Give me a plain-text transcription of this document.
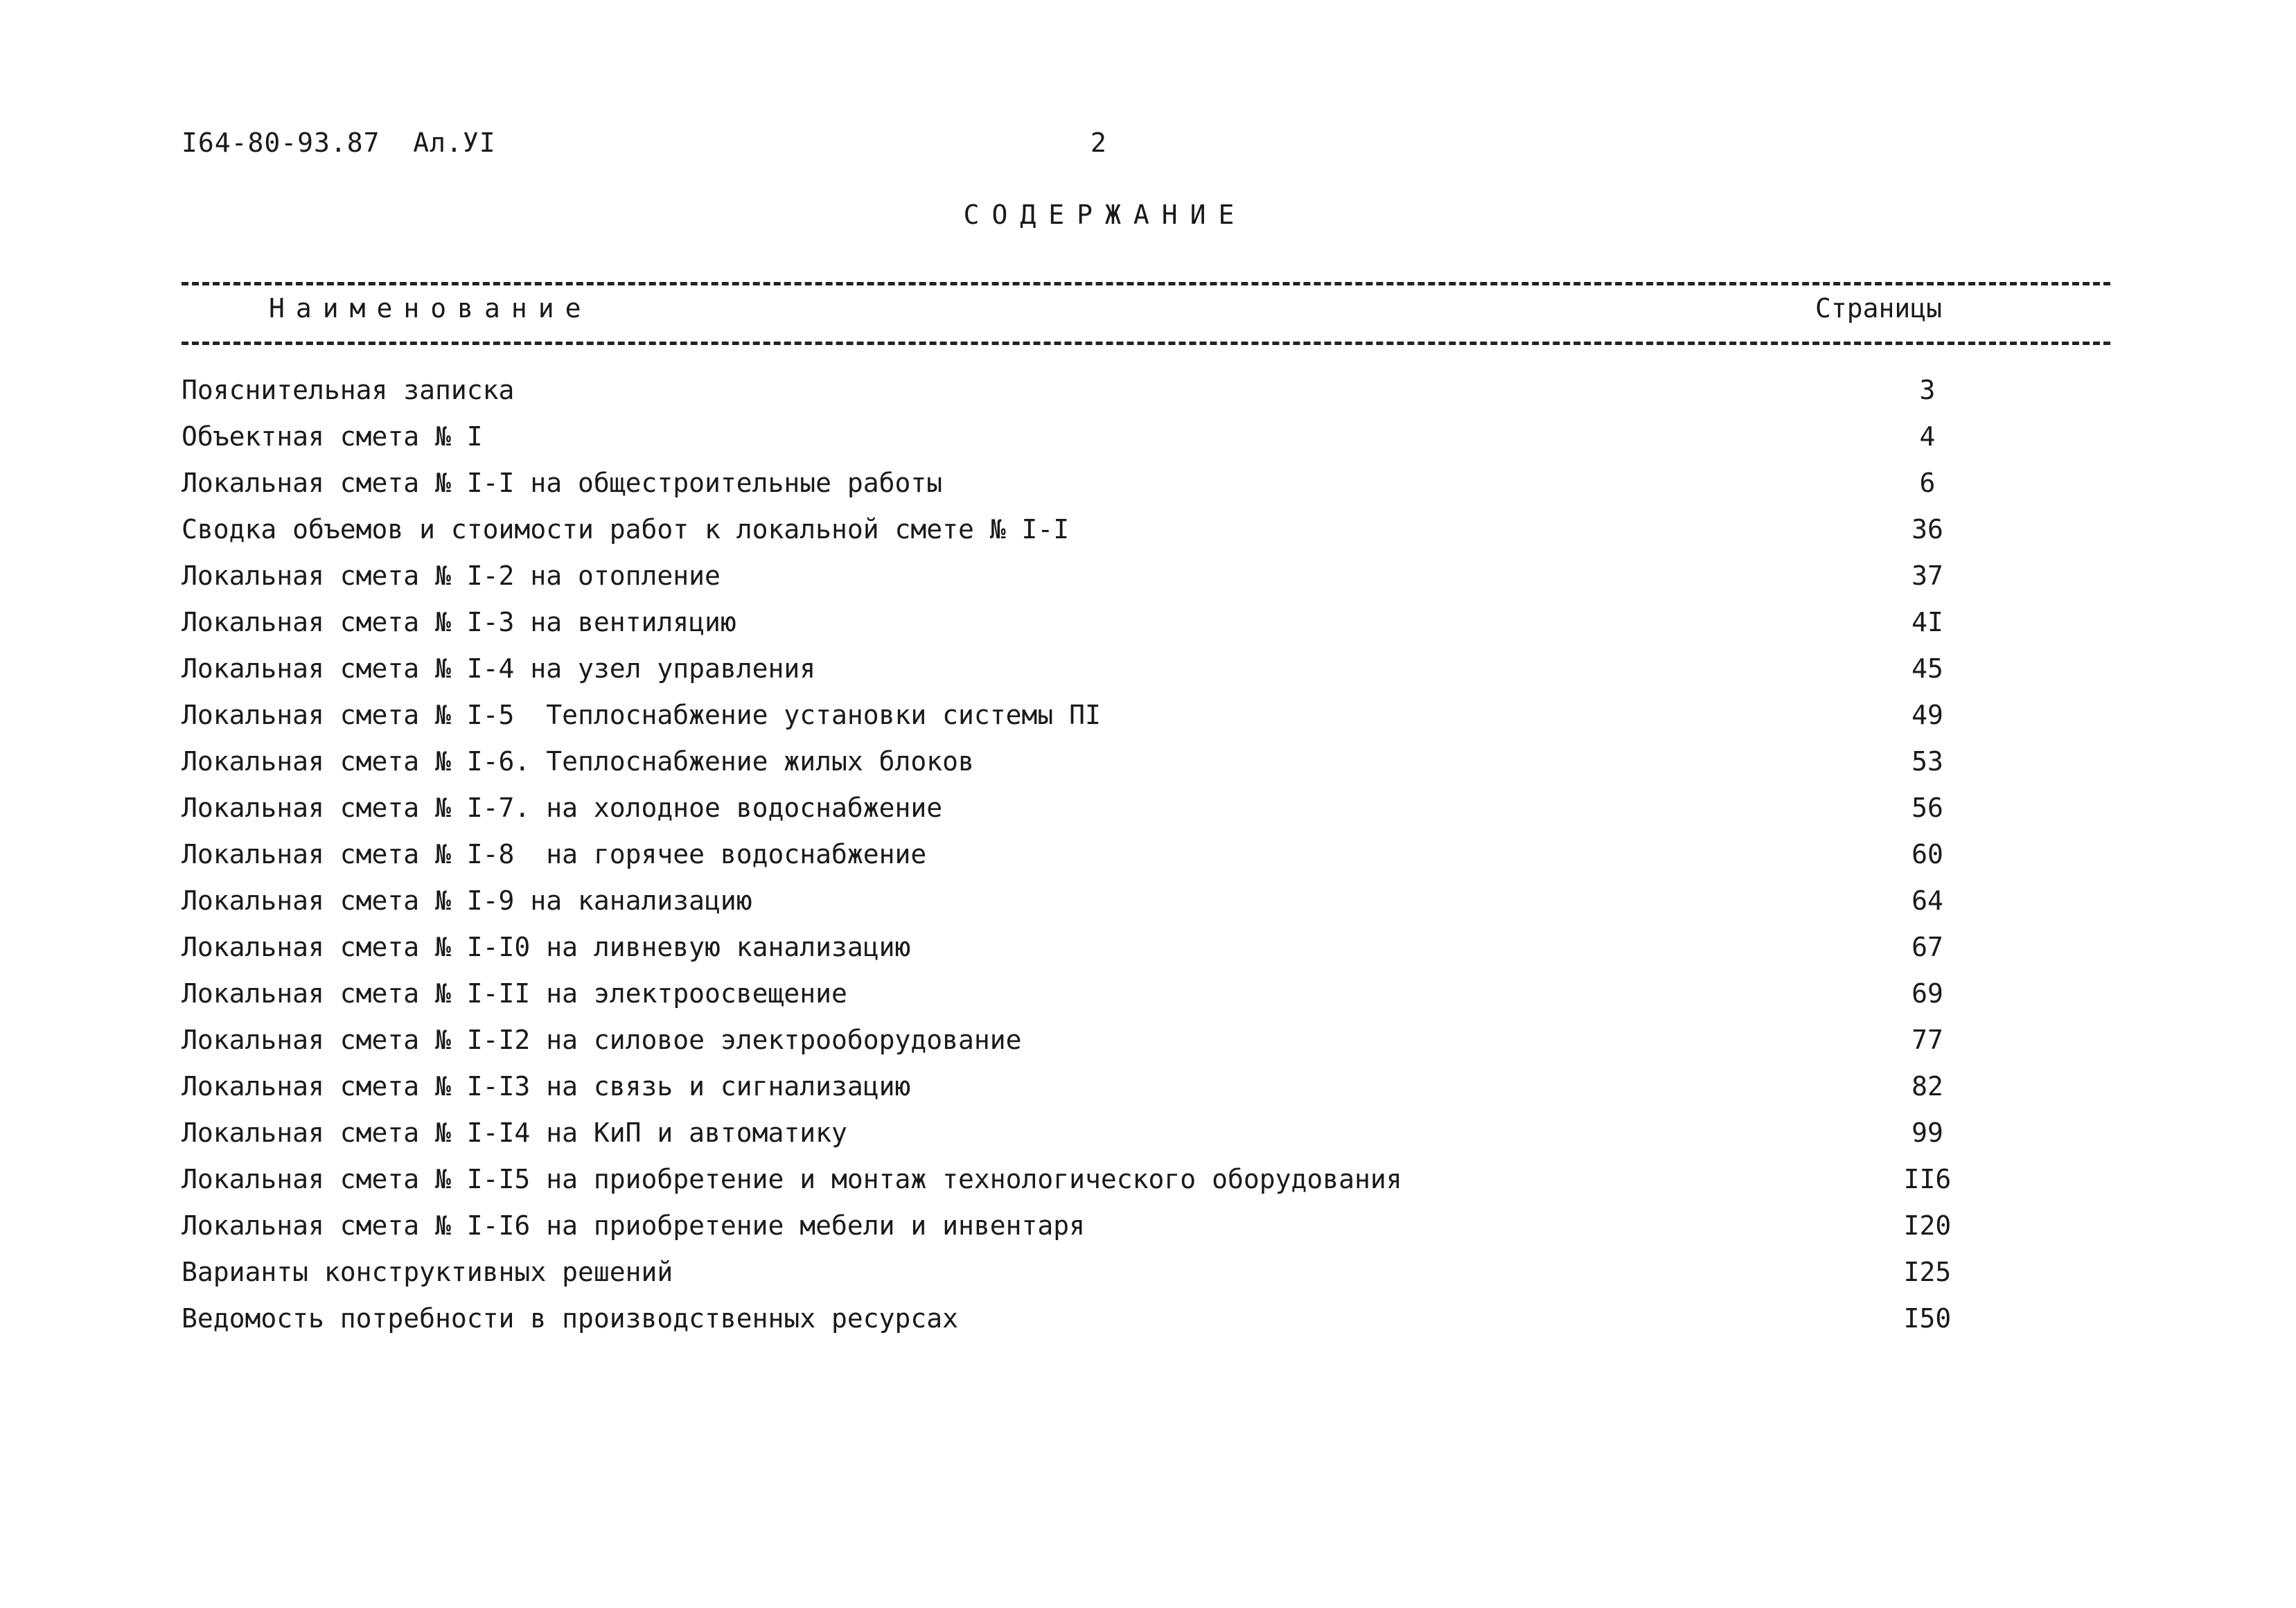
I64-80-93.87  Ал.УI	2
СОДЕРЖАНИЕ
Наименование	Страницы
Пояснительная записка	3
Объектная смета № I	4
Локальная смета № I-I на общестроительные работы	6
Сводка объемов и стоимости работ к локальной смете № I-I	36
Локальная смета № I-2 на отопление	37
Локальная смета № I-3 на вентиляцию	4I
Локальная смета № I-4 на узел управления	45
Локальная смета № I-5  Теплоснабжение установки системы ПI	49
Локальная смета № I-6. Теплоснабжение жилых блоков	53
Локальная смета № I-7. на холодное водоснабжение	56
Локальная смета № I-8  на горячее водоснабжение	60
Локальная смета № I-9 на канализацию	64
Локальная смета № I-I0 на ливневую канализацию	67
Локальная смета № I-II на электроосвещение	69
Локальная смета № I-I2 на силовое электрооборудование	77
Локальная смета № I-I3 на связь и сигнализацию	82
Локальная смета № I-I4 на КиП и автоматику	99
Локальная смета № I-I5 на приобретение и монтаж технологического оборудования	II6
Локальная смета № I-I6 на приобретение мебели и инвентаря	I20
Варианты конструктивных решений	I25
Ведомость потребности в производственных ресурсах	I50
